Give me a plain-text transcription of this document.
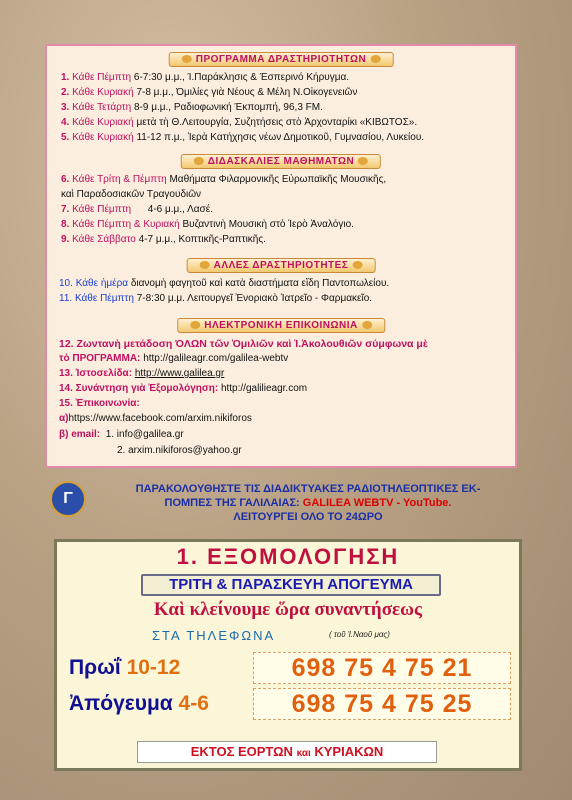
ΠΡΟΓΡΑΜΜΑ ΔΡΑΣΤΗΡΙΟΤΗΤΩΝ
1. Κάθε Πέμπτη 6-7:30 μ.μ., Ί.Παράκλησις & Έσπερινό Κήρυγμα.
2. Κάθε Κυριακή 7-8 μ.μ., Όμιλίες γιὰ Νέους & Μέλη Ν.Οἰκογενειῶν
3. Κάθε Τετάρτη 8-9 μ.μ., Ραδιοφωνική Έκπομπή, 96,3 FM.
4. Κάθε Κυριακή μετὰ τὴ Θ.Λειτουργία, Συζητήσεις στὸ Ἀρχονταρίκι «ΚΙΒΩΤΟΣ».
5. Κάθε Κυριακή 11-12 π.μ., Ἱερὰ Κατήχησις νέων Δημοτικοῦ, Γυμνασίου, Λυκείου.
ΔΙΔΑΣΚΑΛΙΕΣ ΜΑΘΗΜΑΤΩΝ
6. Κάθε Τρίτη & Πέμπτη Μαθήματα Φιλαρμονικῆς Εὐρωπαϊκῆς Μουσικῆς,
καὶ Παραδοσιακῶν Τραγουδιῶν
7. Κάθε Πέμπτη 4-6 μ.μ., Λασέ.
8. Κάθε Πέμπτη & Κυριακή Βυζαντινὴ Μουσικὴ στὸ Ἱερὸ Ἀναλόγιο.
9. Κάθε Σάββατο 4-7 μ.μ., Κοπτικῆς-Ραπτικῆς.
ΑΛΛΕΣ ΔΡΑΣΤΗΡΙΟΤΗΤΕΣ
10. Κάθε ἡμέρα διανομὴ φαγητοῦ καὶ κατὰ διαστήματα εἴδη Παντοπωλείου.
11. Κάθε Πέμπτη 7-8:30 μ.μ. Λειτουργεῖ Ἐνοριακὸ Ἰατρεῖο - Φαρμακεῖο.
ΗΛΕΚΤΡΟΝΙΚΗ ΕΠΙΚΟΙΝΩΝΙΑ
12. Ζωντανὴ μετάδοση ΌΛΩΝ τῶν Ὁμιλιῶν καὶ Ἱ.Ἀκολουθιῶν σύμφωνα μὲ
τὸ ΠΡΟΓΡΑΜΜΑ: http://galileagr.com/galilea-webtv
13. Ἰστοσελίδα: http://www.galilea.gr
14. Συνάντηση γιὰ Ἐξομολόγηση: http://galilieagr.com
15. Ἐπικοινωνία:
α)https://www.facebook.com/arxim.nikiforos
β) email: 1. info@galilea.gr
2. arxim.nikiforos@yahoo.gr
Γ
ΠΑΡΑΚΟΛΟΥΘΗΣΤΕ ΤΙΣ ΔΙΑΔΙΚΤΥΑΚΕΣ ΡΑΔΙΟΤΗΛΕΟΠΤΙΚΕΣ ΕΚ-
ΠΟΜΠΕΣ ΤΗΣ ΓΑΛΙΛΑΙΑΣ: GALILEA WEBTV - YouTube.
ΛΕΙΤΟΥΡΓΕΙ ΟΛΟ ΤΟ 24ΩΡΟ
1. ΕΞΟΜΟΛΟΓΗΣΗ
ΤΡΙΤΗ & ΠΑΡΑΣΚΕΥΗ ΑΠΟΓΕΥΜΑ
Καὶ κλείνουμε ὥρα συναντήσεως
ΣΤΑ ΤΗΛΕΦΩΝΑ	( τοῦ Ἱ.Ναοῦ μας)
Πρωΐ 10-12	698 75 4 75 21
Ἀπόγευμα 4-6	698 75 4 75 25
ΕΚΤΟΣ ΕΟΡΤΩΝ και ΚΥΡΙΑΚΩΝ
